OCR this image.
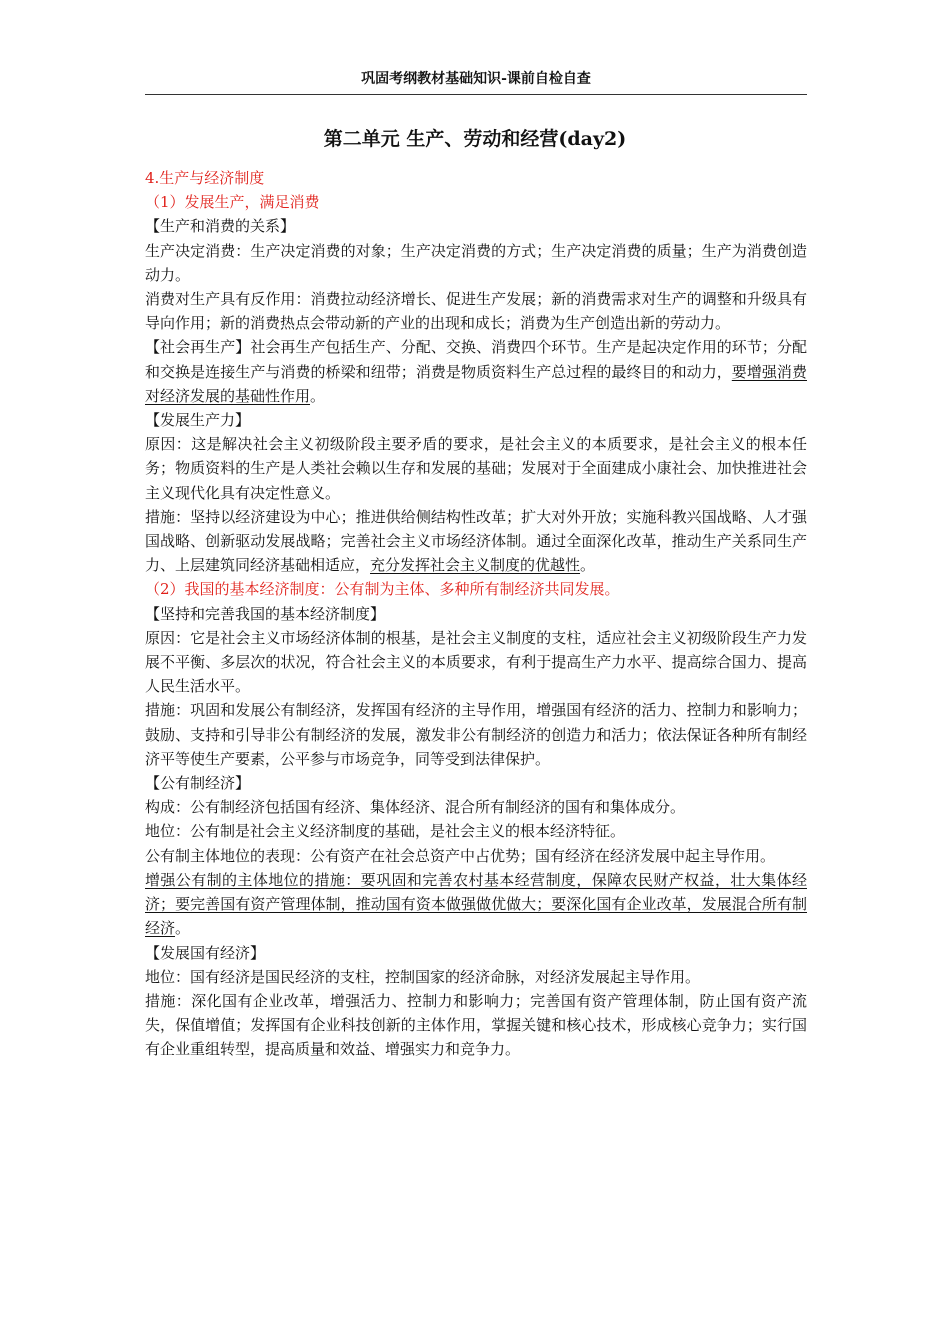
巩固考纲教材基础知识-课前自检自查
第二单元 生产、劳动和经营(day2)

4.生产与经济制度

（1）发展生产，满足消费

【生产和消费的关系】

生产决定消费：生产决定消费的对象；生产决定消费的方式；生产决定消费的质量；生产为消费创造动力。

消费对生产具有反作用：消费拉动经济增长、促进生产发展；新的消费需求对生产的调整和升级具有导向作用；新的消费热点会带动新的产业的出现和成长；消费为生产创造出新的劳动力。

【社会再生产】社会再生产包括生产、分配、交换、消费四个环节。生产是起决定作用的环节；分配和交换是连接生产与消费的桥梁和纽带；消费是物质资料生产总过程的最终目的和动力，要增强消费对经济发展的基础性作用。

【发展生产力】

原因：这是解决社会主义初级阶段主要矛盾的要求，是社会主义的本质要求，是社会主义的根本任务；物质资料的生产是人类社会赖以生存和发展的基础；发展对于全面建成小康社会、加快推进社会主义现代化具有决定性意义。

措施：坚持以经济建设为中心；推进供给侧结构性改革；扩大对外开放；实施科教兴国战略、人才强国战略、创新驱动发展战略；完善社会主义市场经济体制。通过全面深化改革，推动生产关系同生产力、上层建筑同经济基础相适应，充分发挥社会主义制度的优越性。

（2）我国的基本经济制度：公有制为主体、多种所有制经济共同发展。

【坚持和完善我国的基本经济制度】

原因：它是社会主义市场经济体制的根基，是社会主义制度的支柱，适应社会主义初级阶段生产力发展不平衡、多层次的状况，符合社会主义的本质要求，有利于提高生产力水平、提高综合国力、提高人民生活水平。

措施：巩固和发展公有制经济，发挥国有经济的主导作用，增强国有经济的活力、控制力和影响力；鼓励、支持和引导非公有制经济的发展，激发非公有制经济的创造力和活力；依法保证各种所有制经济平等使生产要素，公平参与市场竞争，同等受到法律保护。

【公有制经济】

构成：公有制经济包括国有经济、集体经济、混合所有制经济的国有和集体成分。

地位：公有制是社会主义经济制度的基础，是社会主义的根本经济特征。

公有制主体地位的表现：公有资产在社会总资产中占优势；国有经济在经济发展中起主导作用。

增强公有制的主体地位的措施：要巩固和完善农村基本经营制度，保障农民财产权益，壮大集体经济；要完善国有资产管理体制，推动国有资本做强做优做大；要深化国有企业改革，发展混合所有制经济。

【发展国有经济】

地位：国有经济是国民经济的支柱，控制国家的经济命脉，对经济发展起主导作用。

措施：深化国有企业改革，增强活力、控制力和影响力；完善国有资产管理体制，防止国有资产流失，保值增值；发挥国有企业科技创新的主体作用，掌握关键和核心技术，形成核心竞争力；实行国有企业重组转型，提高质量和效益、增强实力和竞争力。
